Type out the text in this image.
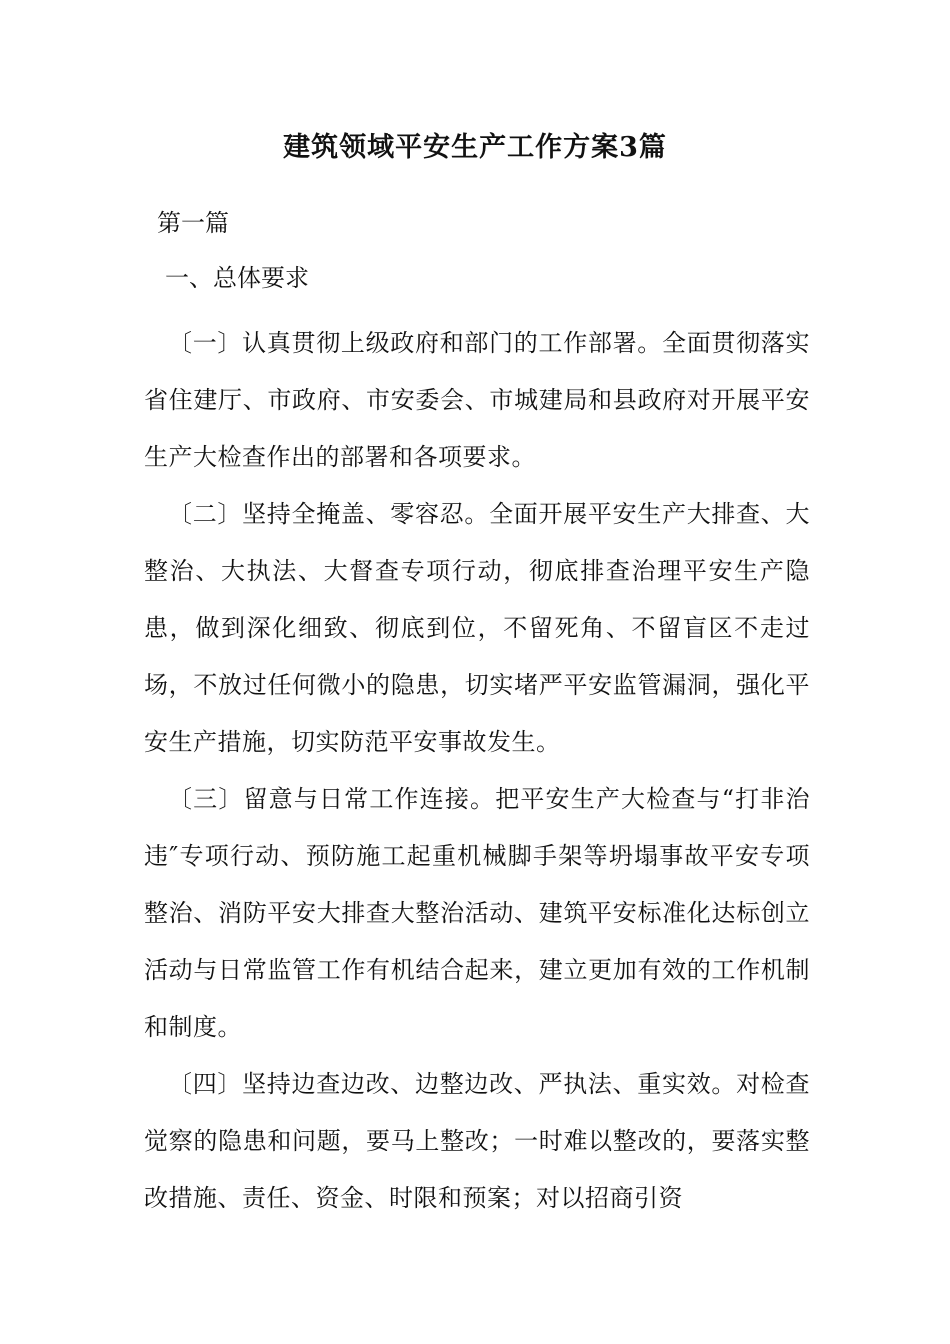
建筑领域平安生产工作方案3篇

第一篇

一、总体要求

〔一〕认真贯彻上级政府和部门的工作部署。全面贯彻落实省住建厅、市政府、市安委会、市城建局和县政府对开展平安生产大检查作出的部署和各项要求。

〔二〕坚持全掩盖、零容忍。全面开展平安生产大排查、大整治、大执法、大督查专项行动，彻底排查治理平安生产隐患，做到深化细致、彻底到位，不留死角、不留盲区不走过场，不放过任何微小的隐患，切实堵严平安监管漏洞，强化平安生产措施，切实防范平安事故发生。

〔三〕留意与日常工作连接。把平安生产大检查与“打非治违″专项行动、预防施工起重机械脚手架等坍塌事故平安专项整治、消防平安大排查大整治活动、建筑平安标准化达标创立活动与日常监管工作有机结合起来，建立更加有效的工作机制和制度。

〔四〕坚持边查边改、边整边改、严执法、重实效。对检查觉察的隐患和问题，要马上整改；一时难以整改的，要落实整改措施、责任、资金、时限和预案；对以招商引资
